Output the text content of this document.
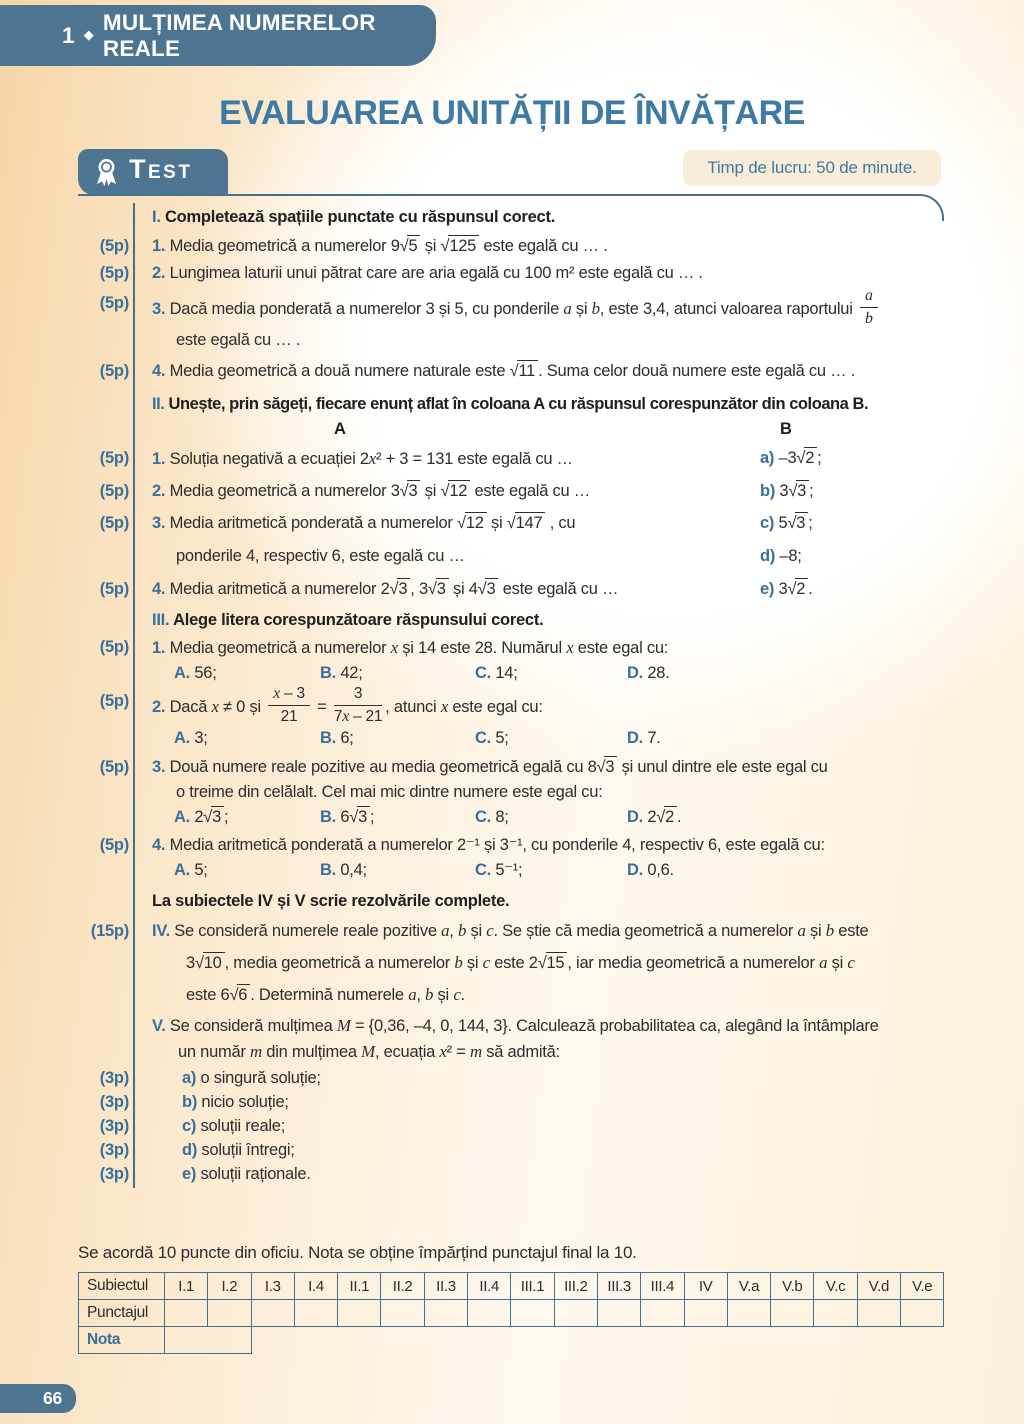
1 ◆ MULȚIMEA NUMERELOR REALE
EVALUAREA UNITĂȚII DE ÎNVĂȚARE
Test	Timp de lucru: 50 de minute.
I. Completează spațiile punctate cu răspunsul corect.
(5p) 1. Media geometrică a numerelor 9√5 și √125 este egală cu … .
(5p) 2. Lungimea laturii unui pătrat care are aria egală cu 100 m² este egală cu … .
(5p) 3. Dacă media ponderată a numerelor 3 și 5, cu ponderile a și b, este 3,4, atunci valoarea raportului $\frac{a}{b}$
este egală cu … .
(5p) 4. Media geometrică a două numere naturale este √11 . Suma celor două numere este egală cu … .
II. Unește, prin săgeți, fiecare enunț aflat în coloana A cu răspunsul corespunzător din coloana B.
A	B
(5p) 1. Soluția negativă a ecuației 2x² + 3 = 131 este egală cu …	a) –3√2 ;
(5p) 2. Media geometrică a numerelor 3√3 și √12 este egală cu …	b) 3√3 ;
(5p) 3. Media aritmetică ponderată a numerelor √12 și √147 , cu	c) 5√3 ;
ponderile 4, respectiv 6, este egală cu …	d) –8;
(5p) 4. Media aritmetică a numerelor 2√3 , 3√3 și 4√3 este egală cu …	e) 3√2 .
III. Alege litera corespunzătoare răspunsului corect.
(5p) 1. Media geometrică a numerelor x și 14 este 28. Numărul x este egal cu:
A. 56;	B. 42;	C. 14;	D. 28.
(5p) 2. Dacă x ≠ 0 și $\frac{x - 3}{21} = \frac{3}{7x - 21}$ , atunci x este egal cu:
A. 3;	B. 6;	C. 5;	D. 7.
(5p) 3. Două numere reale pozitive au media geometrică egală cu 8√3 și unul dintre ele este egal cu
o treime din celălalt. Cel mai mic dintre numere este egal cu:
A. 2√3 ;	B. 6√3 ;	C. 8;	D. 2√2 .
(5p) 4. Media aritmetică ponderată a numerelor 2⁻¹ și 3⁻¹, cu ponderile 4, respectiv 6, este egală cu:
A. 5;	B. 0,4;	C. 5⁻¹;	D. 0,6.
La subiectele IV și V scrie rezolvările complete.
(15p) IV. Se consideră numerele reale pozitive a, b și c. Se știe că media geometrică a numerelor a și b este
3√10 , media geometrică a numerelor b și c este 2√15 , iar media geometrică a numerelor a și c
este 6√6 . Determină numerele a, b și c.
V. Se consideră mulțimea M = {0,36, –4, 0, 144, 3}. Calculează probabilitatea ca, alegând la întâmplare
un număr m din mulțimea M, ecuația x² = m să admită:
(3p)	a) o singură soluție;
(3p)	b) nicio soluție;
(3p)	c) soluții reale;
(3p)	d) soluții întregi;
(3p)	e) soluții raționale.
Se acordă 10 puncte din oficiu. Nota se obține împărțind punctajul final la 10.
Subiectul	I.1	I.2	I.3	I.4	II.1	II.2	II.3	II.4	III.1	III.2	III.3	III.4	IV	V.a	V.b	V.c	V.d	V.e
Punctajul																		
Nota																		
66
